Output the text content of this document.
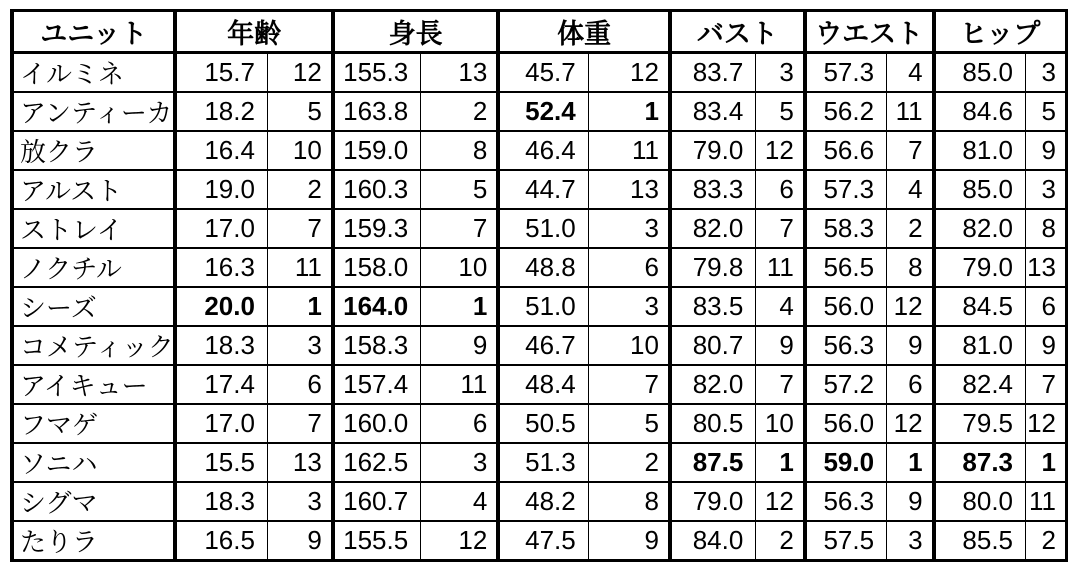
ユニット	年齢		身長		体重		バスト		ウエスト		ヒップ	
イルミネ	15.7	12	155.3	13	45.7	12	83.7	3	57.3	4	85.0	3
アンティーカ	18.2	5	163.8	2	52.4	1	83.4	5	56.2	11	84.6	5
放クラ	16.4	10	159.0	8	46.4	11	79.0	12	56.6	7	81.0	9
アルスト	19.0	2	160.3	5	44.7	13	83.3	6	57.3	4	85.0	3
ストレイ	17.0	7	159.3	7	51.0	3	82.0	7	58.3	2	82.0	8
ノクチル	16.3	11	158.0	10	48.8	6	79.8	11	56.5	8	79.0	13
シーズ	20.0	1	164.0	1	51.0	3	83.5	4	56.0	12	84.5	6
コメティック	18.3	3	158.3	9	46.7	10	80.7	9	56.3	9	81.0	9
アイキュー	17.4	6	157.4	11	48.4	7	82.0	7	57.2	6	82.4	7
フマゲ	17.0	7	160.0	6	50.5	5	80.5	10	56.0	12	79.5	12
ソニハ	15.5	13	162.5	3	51.3	2	87.5	1	59.0	1	87.3	1
シグマ	18.3	3	160.7	4	48.2	8	79.0	12	56.3	9	80.0	11
たりラ	16.5	9	155.5	12	47.5	9	84.0	2	57.5	3	85.5	2
